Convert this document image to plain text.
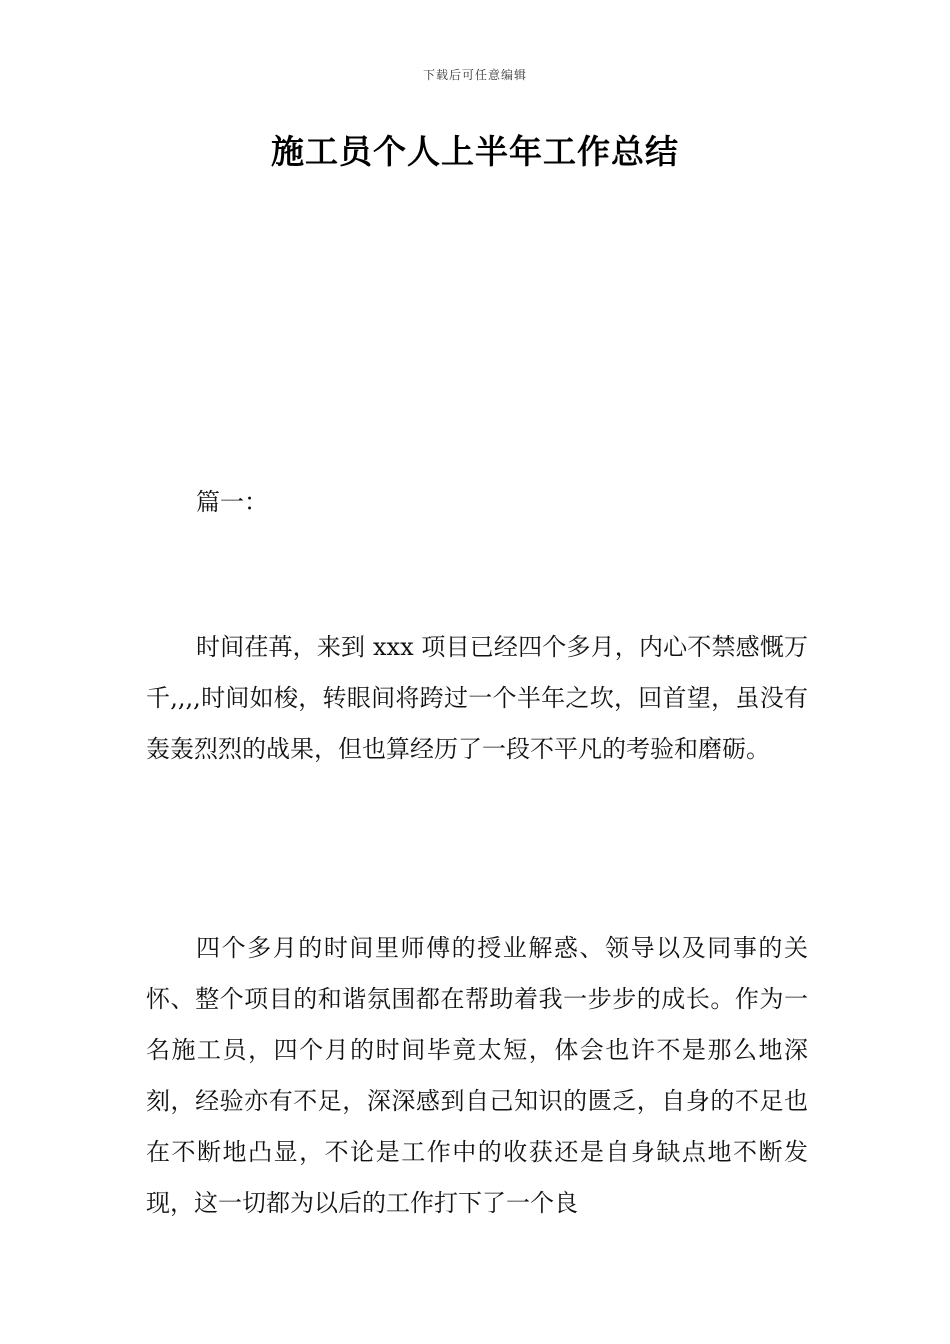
下载后可任意编辑
施工员个人上半年工作总结

篇一：

时间荏苒，来到 xxx 项目已经四个多月，内心不禁感慨万千,,,,时间如梭，转眼间将跨过一个半年之坎，回首望，虽没有轰轰烈烈的战果，但也算经历了一段不平凡的考验和磨砺。

四个多月的时间里师傅的授业解惑、领导以及同事的关怀、整个项目的和谐氛围都在帮助着我一步步的成长。作为一名施工员，四个月的时间毕竟太短，体会也许不是那么地深刻，经验亦有不足，深深感到自己知识的匮乏，自身的不足也在不断地凸显，不论是工作中的收获还是自身缺点地不断发现，这一切都为以后的工作打下了一个良
